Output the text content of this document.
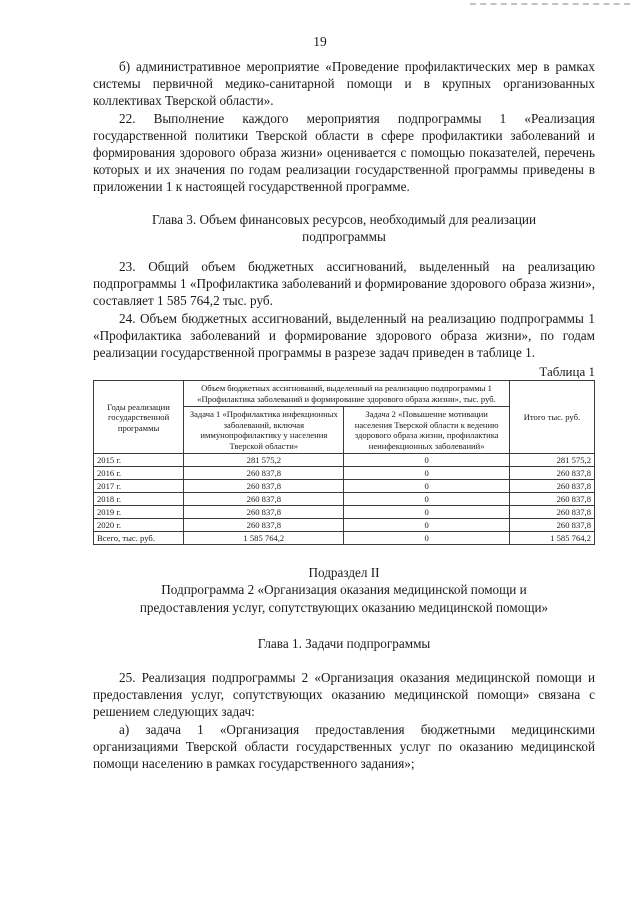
19

б) административное мероприятие «Проведение профилактических мер в рамках системы первичной медико-санитарной помощи и в крупных организованных коллективах Тверской области».

22. Выполнение каждого мероприятия подпрограммы 1 «Реализация государственной политики Тверской области в сфере профилактики заболеваний и формирования здорового образа жизни» оценивается с помощью показателей, перечень которых и их значения по годам реализации государственной программы приведены в приложении 1 к настоящей государственной программе.

Глава 3. Объем финансовых ресурсов, необходимый для реализации
подпрограммы

23. Общий объем бюджетных ассигнований, выделенный на реализацию подпрограммы 1 «Профилактика заболеваний и формирование здорового образа жизни», составляет 1 585 764,2 тыс. руб.

24. Объем бюджетных ассигнований, выделенный на реализацию подпрограммы 1 «Профилактика заболеваний и формирование здорового образа жизни», по годам реализации государственной программы в разрезе задач приведен в таблице 1.

Таблица 1
Годы реализации государственной программы	Объем бюджетных ассигнований, выделенный на реализацию подпрограммы 1 «Профилактика заболеваний и формирование здорового образа жизни», тыс. руб.		Итого тыс. руб.
	Задача 1 «Профилактика инфекционных заболеваний, включая иммунопрофилактику у населения Тверской области»	Задача 2 «Повышение мотивации населения Тверской области к ведению здорового образа жизни, профилактика неинфекционных заболеваний»	
2015 г.	281 575,2	0	281 575,2
2016 г.	260 837,8	0	260 837,8
2017 г.	260 837,8	0	260 837,8
2018 г.	260 837,8	0	260 837,8
2019 г.	260 837,8	0	260 837,8
2020 г.	260 837,8	0	260 837,8
Всего, тыс. руб.	1 585 764,2	0	1 585 764,2
Подраздел II
Подпрограмма 2 «Организация оказания медицинской помощи и
предоставления услуг, сопутствующих оказанию медицинской помощи»
Глава 1. Задачи подпрограммы

25. Реализация подпрограммы 2 «Организация оказания медицинской помощи и предоставления услуг, сопутствующих оказанию медицинской помощи» связана с решением следующих задач:

а) задача 1 «Организация предоставления бюджетными медицинскими организациями Тверской области государственных услуг по оказанию медицинской помощи населению в рамках государственного задания»;
